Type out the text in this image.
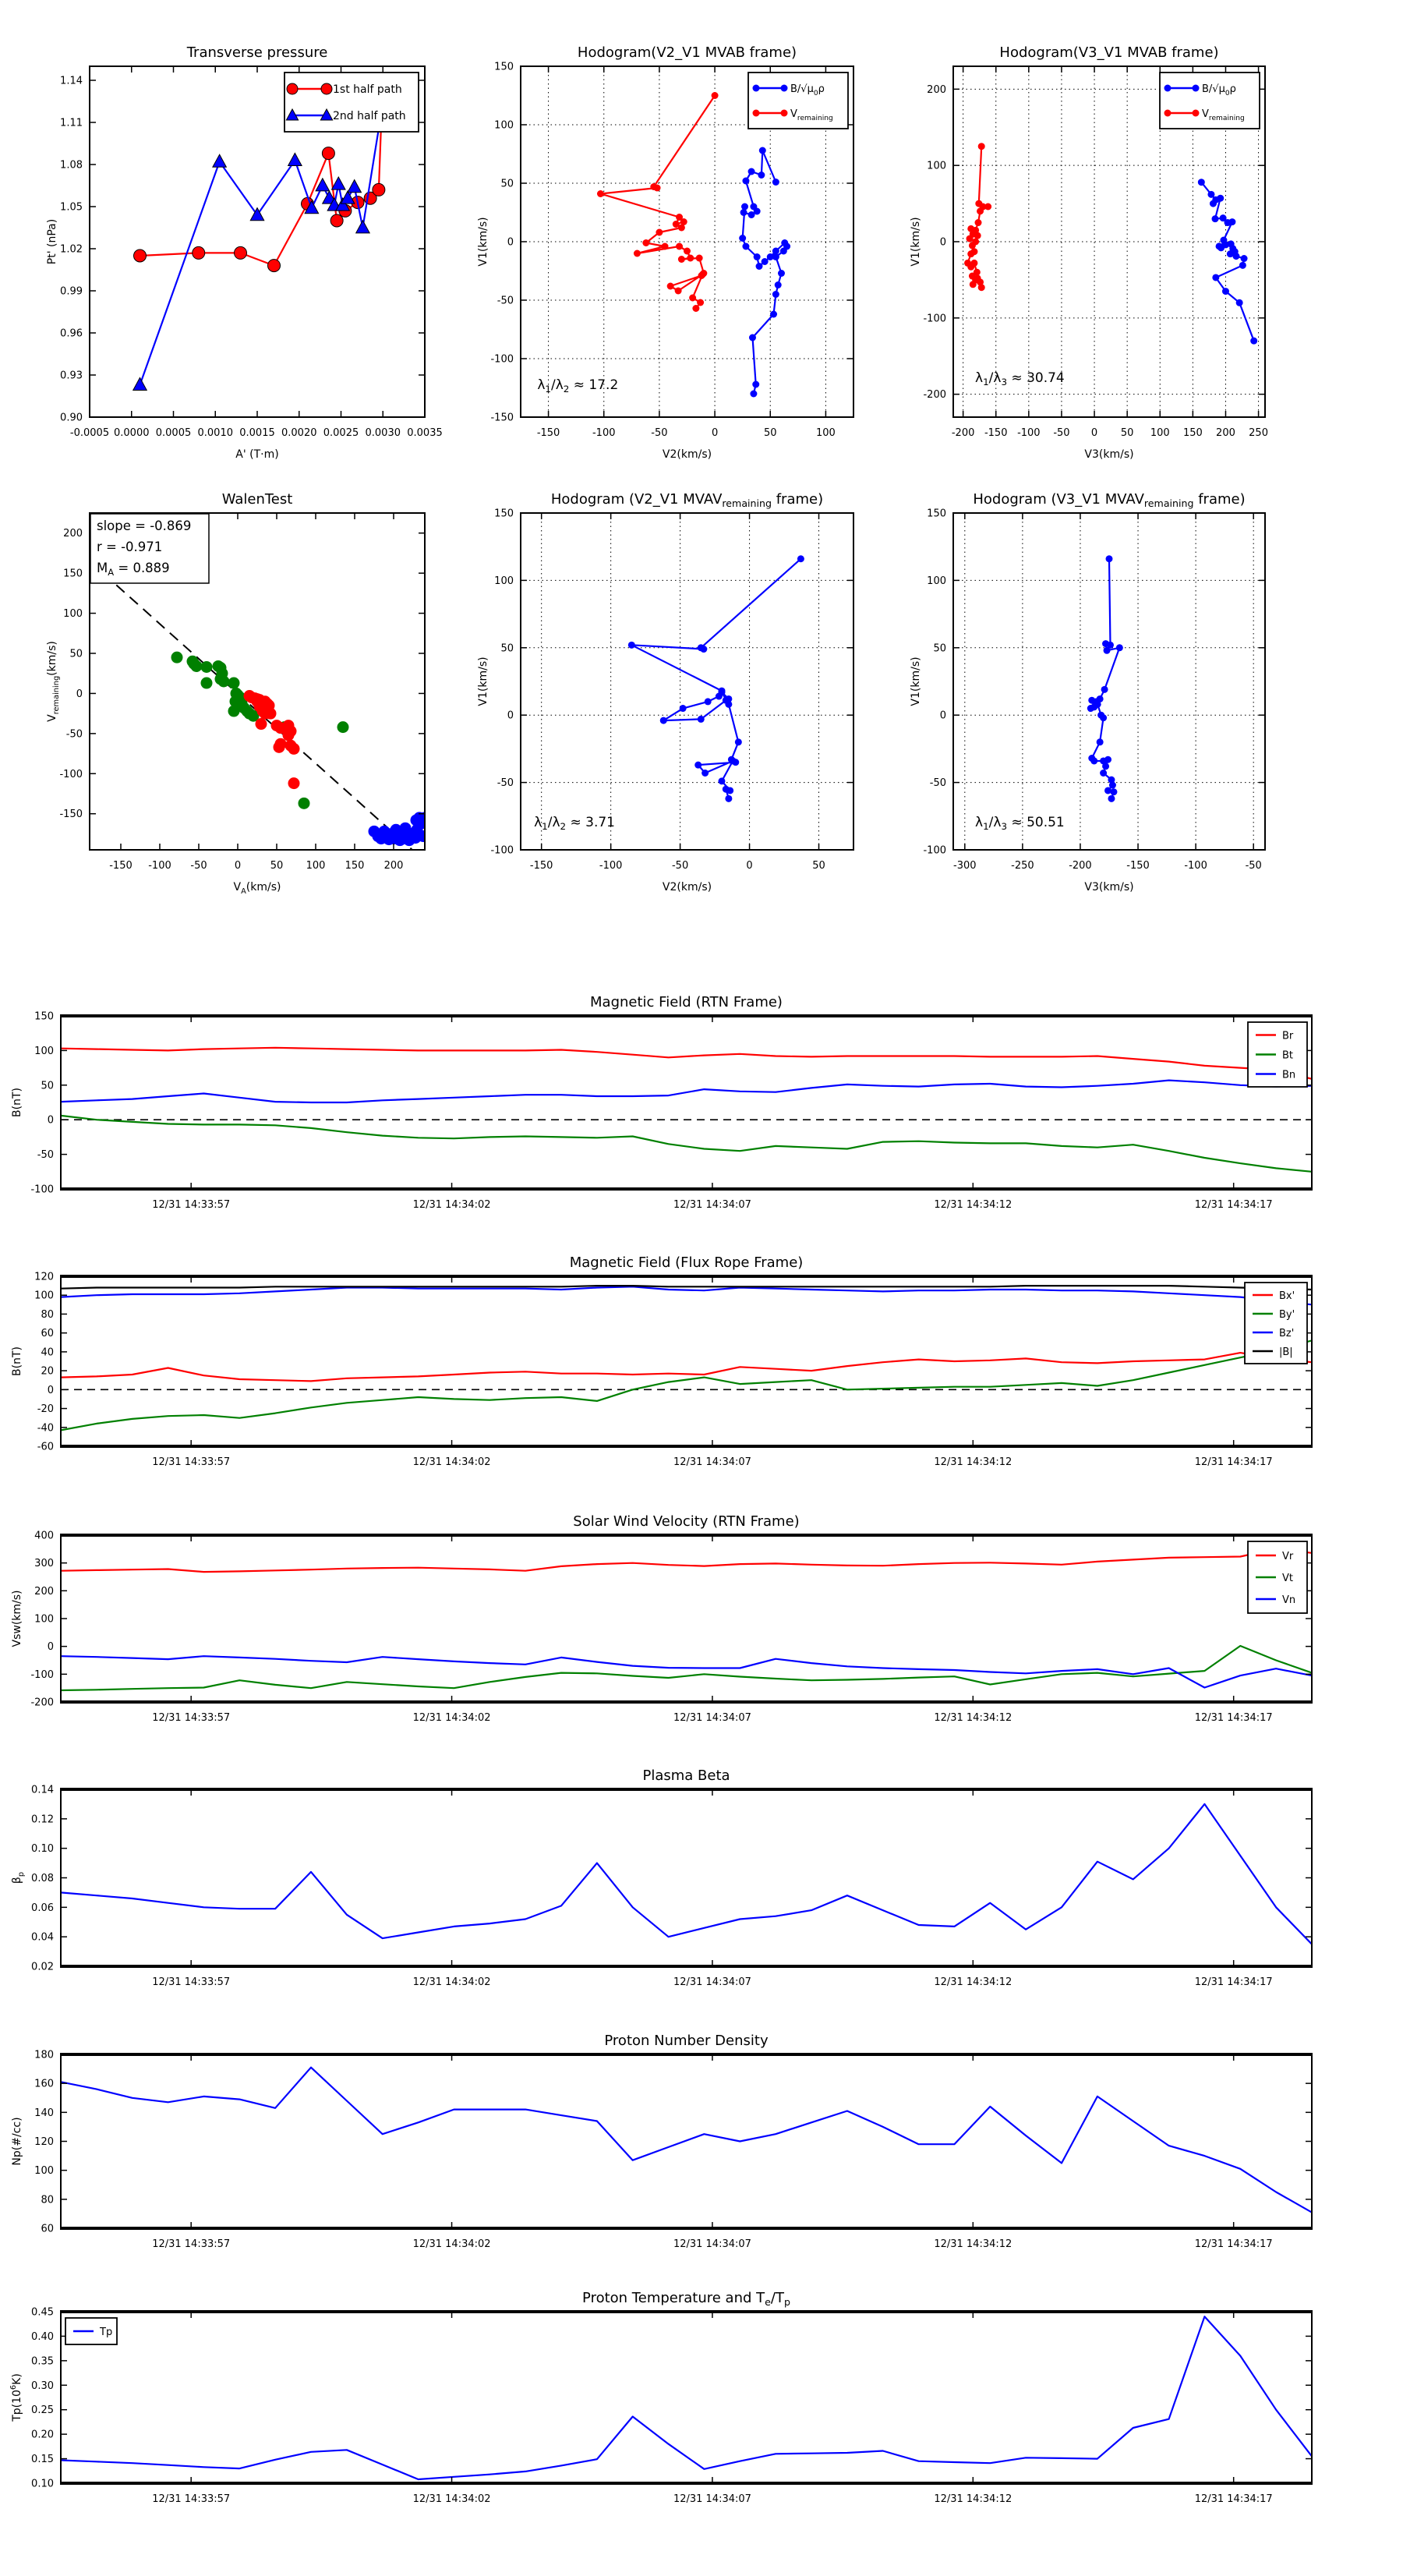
-0.0005 0.0000 0.0005 0.0010 0.0015 0.0020 0.0025 0.0030 0.0035
0.90
0.93
0.96
0.99
1.02
1.05
1.08
1.11
1.14
Transverse pressure
A' (T·m)
Pt' (nPa)
1st half path
2nd half path
-150	-100	-50	0	50	100
-150
-100
-50
0
50
100
150
Hodogram(V2_V1 MVAB frame)
V2(km/s)
V1(km/s)
$\lambda_1/\lambda_2 \approx 17.2$
$B/√\mu_0\rho$
$V_{remaining}$
-200 -150 -100 -50 0 50 100 150 200 250
-200
-100
0
100
200
Hodogram(V3_V1 MVAB frame)
V3(km/s)
V1(km/s)
$\lambda_1/\lambda_3 \approx 30.74$
$B/√\mu_0\rho$
$V_{remaining}$
-150 -100 -50	0	50 100 150 200
-150
-100
-50
0
50
100
150
200
WalenTest
$V_A(km/s)$
$V_{remaining}(km/s)$
slope = -0.869
r = -0.971
$M_A = 0.889$
-150	-100	-50	0	50
-100
-50
0
50
100
150
Hodogram (V2_V1 $MVAV_{remaining}$ frame)
V2(km/s)
V1(km/s)
$\lambda_1/\lambda_2 \approx 3.71$
-300	-250	-200	-150	-100	-50
-100
-50
0
50
100
150
Hodogram (V3_V1 $MVAV_{remaining}$ frame)
V3(km/s)
V1(km/s)
$\lambda_1/\lambda_3 \approx 50.51$
12/31 14:33:57	12/31 14:34:02	12/31 14:34:07	12/31 14:34:12	12/31 14:34:17
-100
-50
0
50
100
150
Magnetic Field (RTN Frame)
B(nT)
Br
Bt
Bn
12/31 14:33:57	12/31 14:34:02	12/31 14:34:07	12/31 14:34:12	12/31 14:34:17
-60
-40
-20
0
20
40
60
80
100
120
Magnetic Field (Flux Rope Frame)
B(nT)
Bx'
By'
Bz'
|B|
12/31 14:33:57	12/31 14:34:02	12/31 14:34:07	12/31 14:34:12	12/31 14:34:17
-200
-100
0
100
200
300
400
Solar Wind Velocity (RTN Frame)
Vsw(km/s)
Vr
Vt
Vn
12/31 14:33:57	12/31 14:34:02	12/31 14:34:07	12/31 14:34:12	12/31 14:34:17
0.02
0.04
0.06
0.08
0.10
0.12
0.14
Plasma Beta
$\beta_p$
12/31 14:33:57	12/31 14:34:02	12/31 14:34:07	12/31 14:34:12	12/31 14:34:17
60
80
100
120
140
160
180
Proton Number Density
Np(#/cc)
12/31 14:33:57	12/31 14:34:02	12/31 14:34:07	12/31 14:34:12	12/31 14:34:17
0.10
0.15
0.20
0.25
0.30
0.35
0.40
0.45
Proton Temperature and $T_e/T_p$
$Tp(10^6K)$
Tp
